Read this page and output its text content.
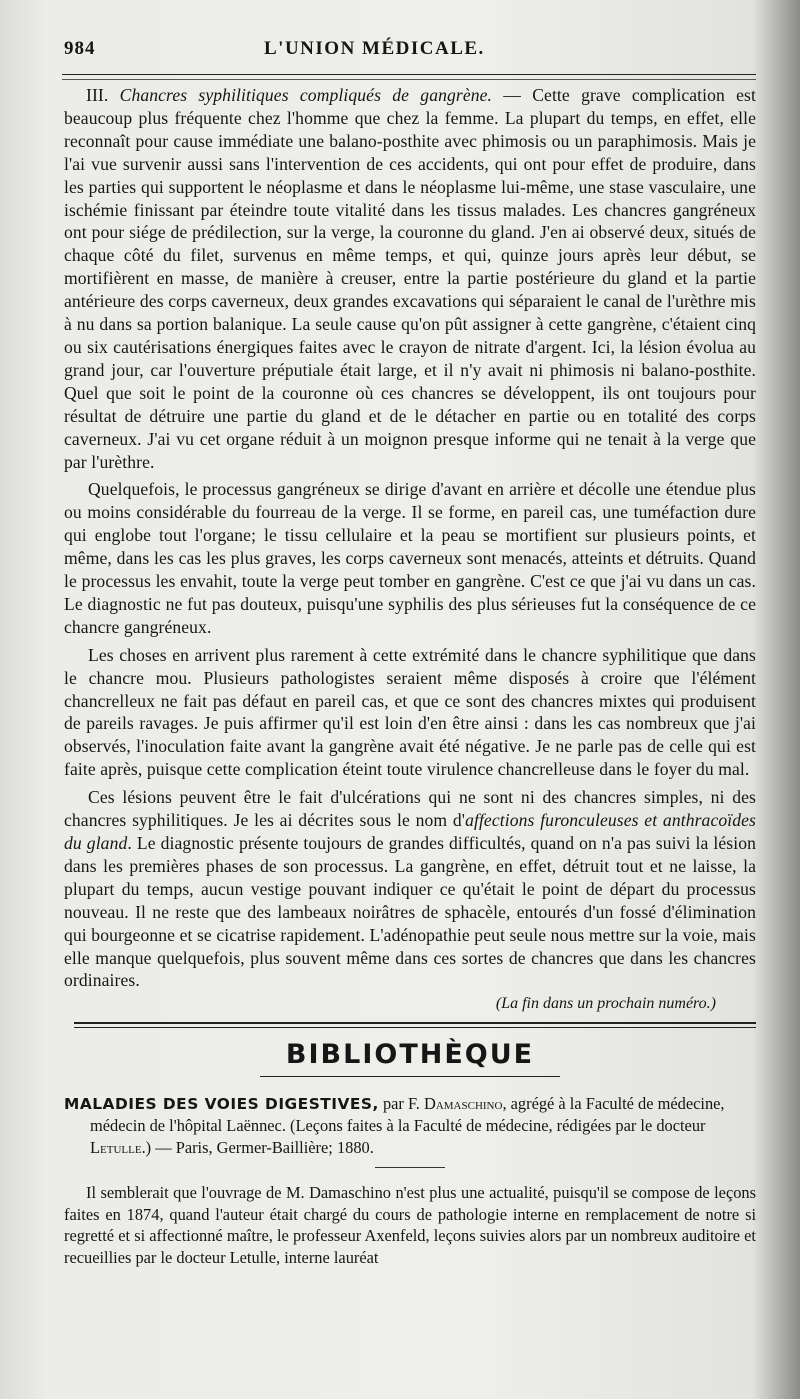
984	L'UNION MÉDICALE.

III. Chancres syphilitiques compliqués de gangrène. — Cette grave complication est beaucoup plus fréquente chez l'homme que chez la femme. La plupart du temps, en effet, elle reconnaît pour cause immédiate une balano-posthite avec phimosis ou un paraphimosis. Mais je l'ai vue survenir aussi sans l'intervention de ces accidents, qui ont pour effet de produire, dans les parties qui supportent le néoplasme et dans le néoplasme lui-même, une stase vasculaire, une ischémie finissant par éteindre toute vitalité dans les tissus malades. Les chancres gangréneux ont pour siége de prédilection, sur la verge, la couronne du gland. J'en ai observé deux, situés de chaque côté du filet, survenus en même temps, et qui, quinze jours après leur début, se mortifièrent en masse, de manière à creuser, entre la partie postérieure du gland et la partie antérieure des corps caverneux, deux grandes excavations qui séparaient le canal de l'urèthre mis à nu dans sa portion balanique. La seule cause qu'on pût assigner à cette gangrène, c'étaient cinq ou six cautérisations énergiques faites avec le crayon de nitrate d'argent. Ici, la lésion évolua au grand jour, car l'ouverture préputiale était large, et il n'y avait ni phimosis ni balano-posthite. Quel que soit le point de la couronne où ces chancres se développent, ils ont toujours pour résultat de détruire une partie du gland et de le détacher en partie ou en totalité des corps caverneux. J'ai vu cet organe réduit à un moignon presque informe qui ne tenait à la verge que par l'urèthre.

Quelquefois, le processus gangréneux se dirige d'avant en arrière et décolle une étendue plus ou moins considérable du fourreau de la verge. Il se forme, en pareil cas, une tuméfaction dure qui englobe tout l'organe; le tissu cellulaire et la peau se mortifient sur plusieurs points, et même, dans les cas les plus graves, les corps caverneux sont menacés, atteints et détruits. Quand le processus les envahit, toute la verge peut tomber en gangrène. C'est ce que j'ai vu dans un cas. Le diagnostic ne fut pas douteux, puisqu'une syphilis des plus sérieuses fut la conséquence de ce chancre gangréneux.

Les choses en arrivent plus rarement à cette extrémité dans le chancre syphilitique que dans le chancre mou. Plusieurs pathologistes seraient même disposés à croire que l'élément chancrelleux ne fait pas défaut en pareil cas, et que ce sont des chancres mixtes qui produisent de pareils ravages. Je puis affirmer qu'il est loin d'en être ainsi : dans les cas nombreux que j'ai observés, l'inoculation faite avant la gangrène avait été négative. Je ne parle pas de celle qui est faite après, puisque cette complication éteint toute virulence chancrelleuse dans le foyer du mal.

Ces lésions peuvent être le fait d'ulcérations qui ne sont ni des chancres simples, ni des chancres syphilitiques. Je les ai décrites sous le nom d'affections furonculeuses et anthracoïdes du gland. Le diagnostic présente toujours de grandes difficultés, quand on n'a pas suivi la lésion dans les premières phases de son processus. La gangrène, en effet, détruit tout et ne laisse, la plupart du temps, aucun vestige pouvant indiquer ce qu'était le point de départ du processus nouveau. Il ne reste que des lambeaux noirâtres de sphacèle, entourés d'un fossé d'élimination qui bourgeonne et se cicatrise rapidement. L'adénopathie peut seule nous mettre sur la voie, mais elle manque quelquefois, plus souvent même dans ces sortes de chancres que dans les chancres ordinaires.

(La fin dans un prochain numéro.)
BIBLIOTHÈQUE

MALADIES DES VOIES DIGESTIVES, par F. Damaschino, agrégé à la Faculté de médecine, médecin de l'hôpital Laënnec. (Leçons faites à la Faculté de médecine, rédigées par le docteur Letulle.) — Paris, Germer-Baillière; 1880.

Il semblerait que l'ouvrage de M. Damaschino n'est plus une actualité, puisqu'il se compose de leçons faites en 1874, quand l'auteur était chargé du cours de pathologie interne en remplacement de notre si regretté et si affectionné maître, le professeur Axenfeld, leçons suivies alors par un nombreux auditoire et recueillies par le docteur Letulle, interne lauréat
